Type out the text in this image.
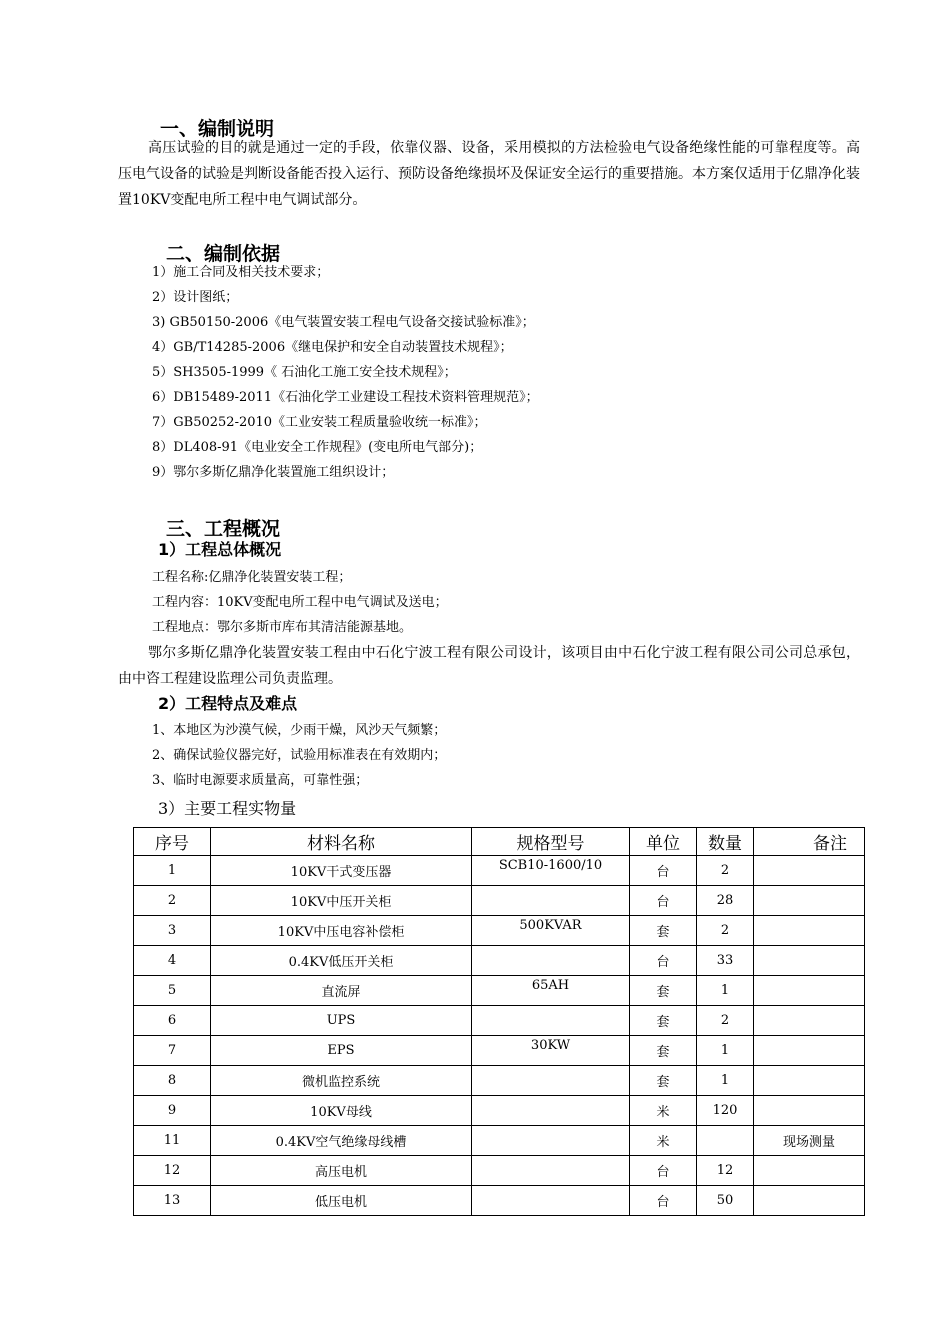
一、编制说明
高压试验的目的就是通过一定的手段，依靠仪器、设备，采用模拟的方法检验电气设备绝缘性能的可靠程度等。高压电气设备的试验是判断设备能否投入运行、预防设备绝缘损坏及保证安全运行的重要措施。本方案仅适用于亿鼎净化装置10KV变配电所工程中电气调试部分。
二、编制依据
1）施工合同及相关技术要求；
2）设计图纸；
3) GB50150-2006《电气装置安装工程电气设备交接试验标准》；
4）GB/T14285-2006《继电保护和安全自动装置技术规程》；
5）SH3505-1999《 石油化工施工安全技术规程》；
6）DB15489-2011《石油化学工业建设工程技术资料管理规范》；
7）GB50252-2010《工业安装工程质量验收统一标准》；
8）DL408-91《电业安全工作规程》(变电所电气部分)；
9）鄂尔多斯亿鼎净化装置施工组织设计；
三、工程概况
1）工程总体概况
工程名称:亿鼎净化装置安装工程；
工程内容：10KV变配电所工程中电气调试及送电；
工程地点：鄂尔多斯市库布其清洁能源基地。
鄂尔多斯亿鼎净化装置安装工程由中石化宁波工程有限公司设计，该项目由中石化宁波工程有限公司公司总承包，由中咨工程建设监理公司负责监理。
2）工程特点及难点
1、本地区为沙漠气候，少雨干燥，风沙天气频繁；
2、确保试验仪器完好，试验用标准表在有效期内；
3、临时电源要求质量高，可靠性强；
3）主要工程实物量
序号	材料名称	规格型号	单位	数量	备注
1	10KV干式变压器	SCB10-1600/10	台	2	
2	10KV中压开关柜		台	28	
3	10KV中压电容补偿柜	500KVAR	套	2	
4	0.4KV低压开关柜		台	33	
5	直流屏	65AH	套	1	
6	UPS		套	2	
7	EPS	30KW	套	1	
8	微机监控系统		套	1	
9	10KV母线		米	120	
11	0.4KV空气绝缘母线槽		米		现场测量
12	高压电机		台	12	
13	低压电机		台	50	
